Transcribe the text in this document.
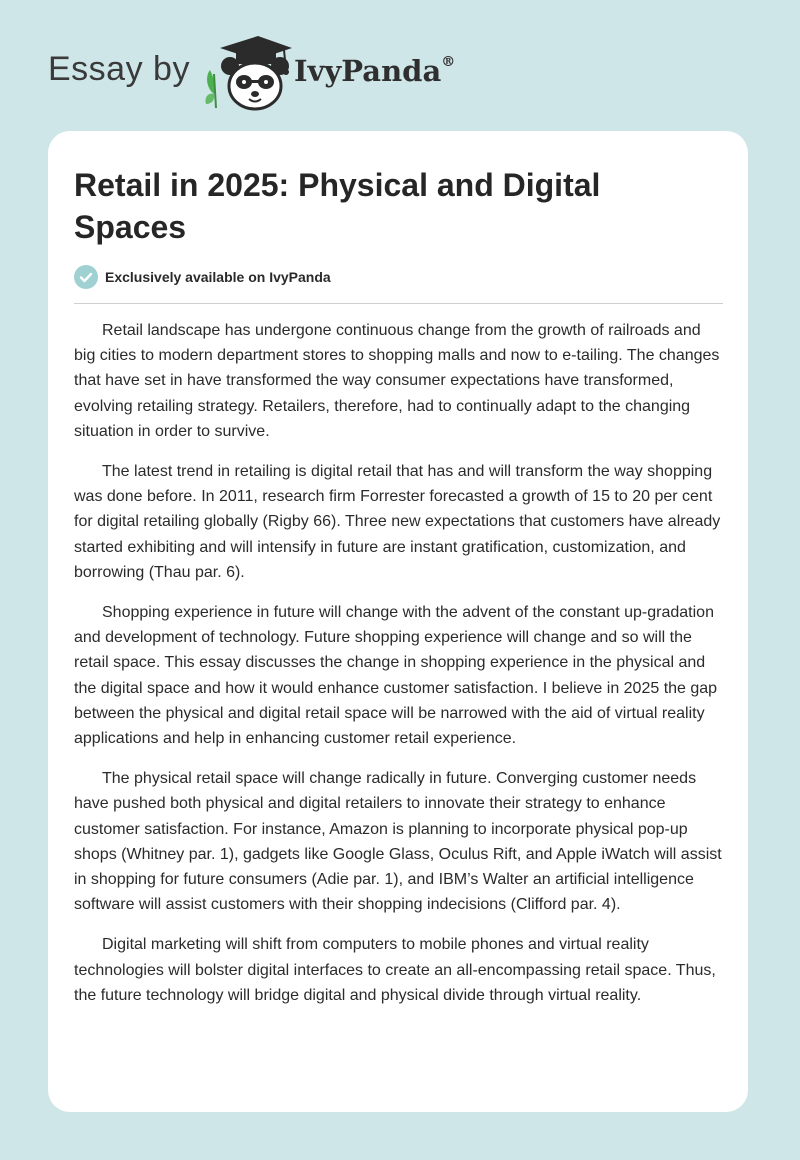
Essay by	IvyPanda®
Retail in 2025: Physical and Digital Spaces
Exclusively available on IvyPanda

Retail landscape has undergone continuous change from the growth of railroads and big cities to modern department stores to shopping malls and now to e-tailing. The changes that have set in have transformed the way consumer expectations have transformed, evolving retailing strategy. Retailers, therefore, had to continually adapt to the changing situation in order to survive.

The latest trend in retailing is digital retail that has and will transform the way shopping was done before. In 2011, research firm Forrester forecasted a growth of 15 to 20 per cent for digital retailing globally (Rigby 66). Three new expectations that customers have already started exhibiting and will intensify in future are instant gratification, customization, and borrowing (Thau par. 6).

Shopping experience in future will change with the advent of the constant up-gradation and development of technology. Future shopping experience will change and so will the retail space. This essay discusses the change in shopping experience in the physical and the digital space and how it would enhance customer satisfaction. I believe in 2025 the gap between the physical and digital retail space will be narrowed with the aid of virtual reality applications and help in enhancing customer retail experience.

The physical retail space will change radically in future. Converging customer needs have pushed both physical and digital retailers to innovate their strategy to enhance customer satisfaction. For instance, Amazon is planning to incorporate physical pop-up shops (Whitney par. 1), gadgets like Google Glass, Oculus Rift, and Apple iWatch will assist in shopping for future consumers (Adie par. 1), and IBM’s Walter an artificial intelligence software will assist customers with their shopping indecisions (Clifford par. 4).

Digital marketing will shift from computers to mobile phones and virtual reality technologies will bolster digital interfaces to create an all-encompassing retail space. Thus, the future technology will bridge digital and physical divide through virtual reality.
